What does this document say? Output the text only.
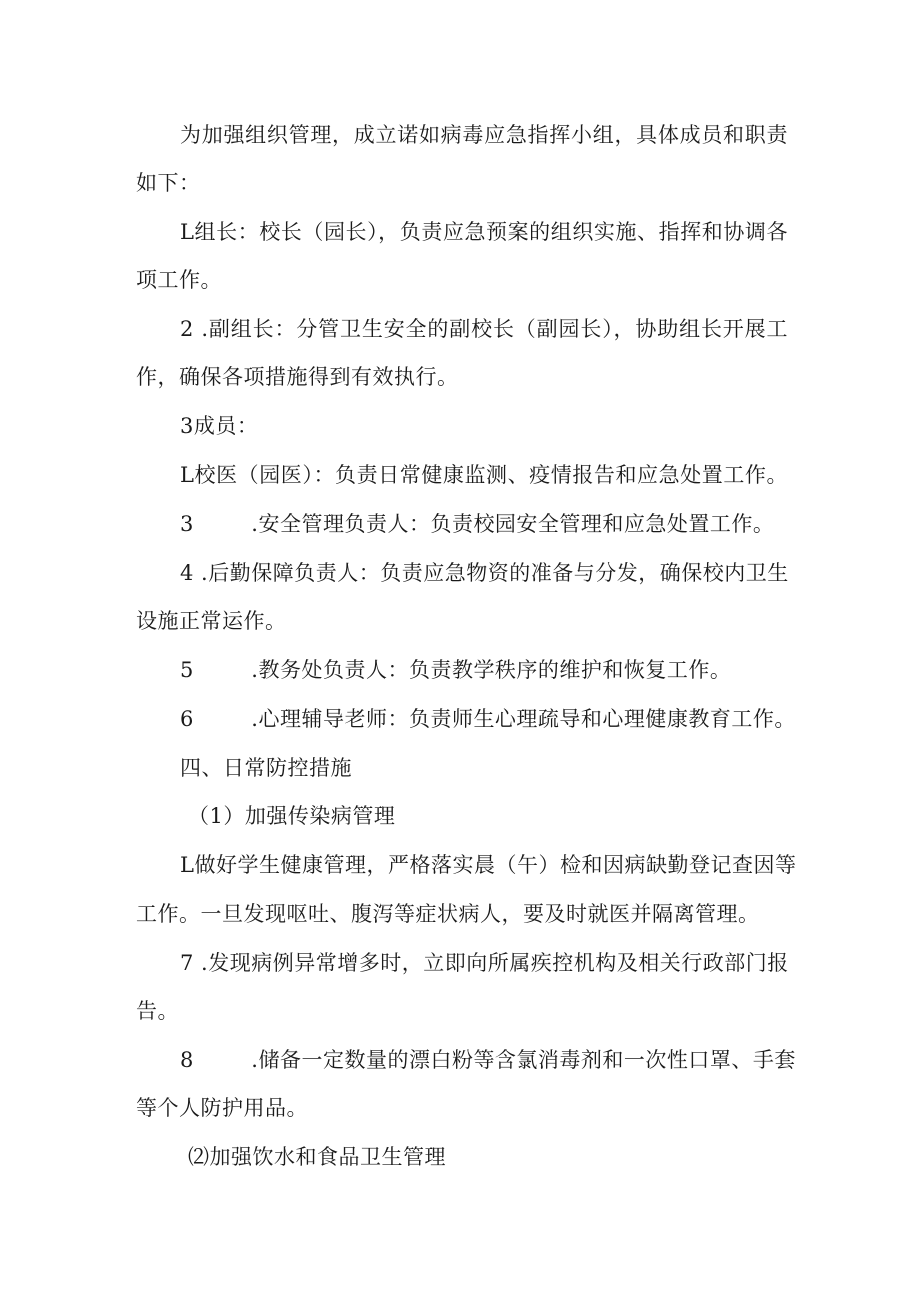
为加强组织管理，成立诺如病毒应急指挥小组，具体成员和职责
如下：
L组长：校长（园长），负责应急预案的组织实施、指挥和协调各
项工作。
2 .副组长：分管卫生安全的副校长（副园长），协助组长开展工
作，确保各项措施得到有效执行。
3成员：
L校医（园医）：负责日常健康监测、疫情报告和应急处置工作。
3        .安全管理负责人：负责校园安全管理和应急处置工作。
4 .后勤保障负责人：负责应急物资的准备与分发，确保校内卫生
设施正常运作。
5        .教务处负责人：负责教学秩序的维护和恢复工作。
6        .心理辅导老师：负责师生心理疏导和心理健康教育工作。
四、日常防控措施
（1）加强传染病管理
L做好学生健康管理，严格落实晨（午）检和因病缺勤登记查因等
工作。一旦发现呕吐、腹泻等症状病人，要及时就医并隔离管理。
7 .发现病例异常增多时，立即向所属疾控机构及相关行政部门报
告。
8        .储备一定数量的漂白粉等含氯消毒剂和一次性口罩、手套
等个人防护用品。
⑵加强饮水和食品卫生管理
